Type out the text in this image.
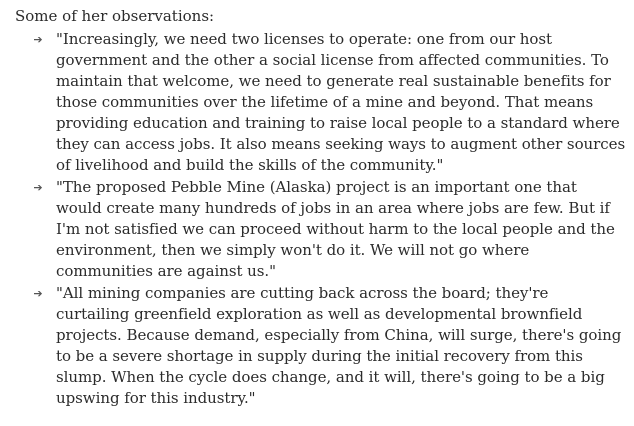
Some of her observations:

➔ "Increasingly, we need two licenses to operate: one from our host government and the other a social license from affected communities. To maintain that welcome, we need to generate real sustainable benefits for those communities over the lifetime of a mine and beyond. That means providing education and training to raise local people to a standard where they can access jobs. It also means seeking ways to augment other sources of livelihood and build the skills of the community."
➔ "The proposed Pebble Mine (Alaska) project is an important one that would create many hundreds of jobs in an area where jobs are few. But if I'm not satisfied we can proceed without harm to the local people and the environment, then we simply won't do it. We will not go where communities are against us."
➔ "All mining companies are cutting back across the board; they're curtailing greenfield exploration as well as developmental brownfield projects. Because demand, especially from China, will surge, there's going to be a severe shortage in supply during the initial recovery from this slump. When the cycle does change, and it will, there's going to be a big upswing for this industry."
